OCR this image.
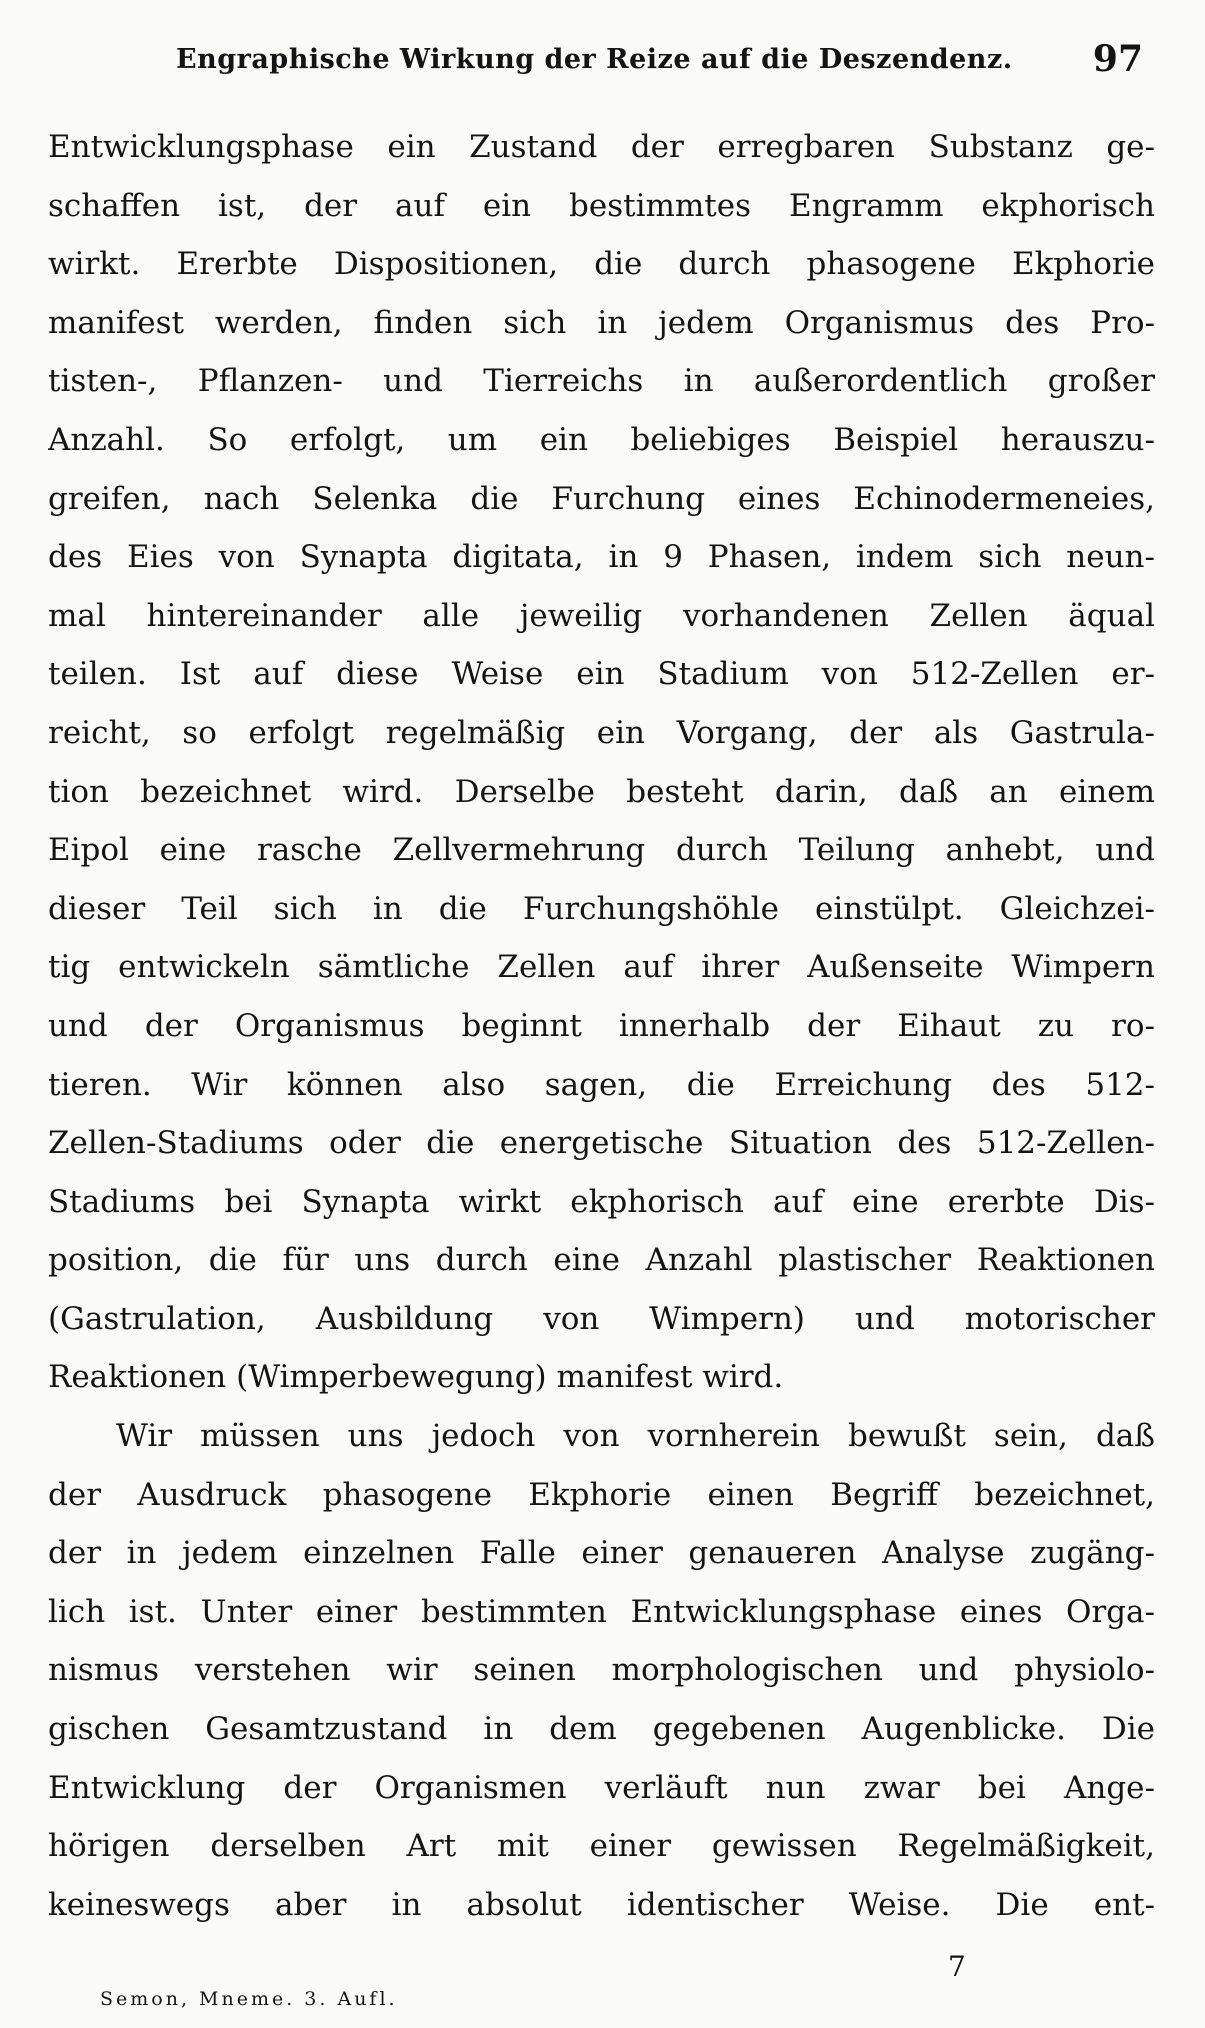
Engraphische Wirkung der Reize auf die Deszendenz. 97
Entwicklungsphase ein Zustand der erregbaren Substanz ge-
schaffen ist, der auf ein bestimmtes Engramm ekphorisch
wirkt. Ererbte Dispositionen, die durch phasogene Ekphorie
manifest werden, finden sich in jedem Organismus des Pro-
tisten-, Pflanzen- und Tierreichs in außerordentlich großer
Anzahl. So erfolgt, um ein beliebiges Beispiel herauszu-
greifen, nach Selenka die Furchung eines Echinodermeneies,
des Eies von Synapta digitata, in 9 Phasen, indem sich neun-
mal hintereinander alle jeweilig vorhandenen Zellen äqual
teilen. Ist auf diese Weise ein Stadium von 512-Zellen er-
reicht, so erfolgt regelmäßig ein Vorgang, der als Gastrula-
tion bezeichnet wird. Derselbe besteht darin, daß an einem
Eipol eine rasche Zellvermehrung durch Teilung anhebt, und
dieser Teil sich in die Furchungshöhle einstülpt. Gleichzei-
tig entwickeln sämtliche Zellen auf ihrer Außenseite Wimpern
und der Organismus beginnt innerhalb der Eihaut zu ro-
tieren. Wir können also sagen, die Erreichung des 512-
Zellen-Stadiums oder die energetische Situation des 512-Zellen-
Stadiums bei Synapta wirkt ekphorisch auf eine ererbte Dis-
position, die für uns durch eine Anzahl plastischer Reaktionen
(Gastrulation, Ausbildung von Wimpern) und motorischer
Reaktionen (Wimperbewegung) manifest wird.
Wir müssen uns jedoch von vornherein bewußt sein, daß
der Ausdruck phasogene Ekphorie einen Begriff bezeichnet,
der in jedem einzelnen Falle einer genaueren Analyse zugäng-
lich ist. Unter einer bestimmten Entwicklungsphase eines Orga-
nismus verstehen wir seinen morphologischen und physiolo-
gischen Gesamtzustand in dem gegebenen Augenblicke. Die
Entwicklung der Organismen verläuft nun zwar bei Ange-
hörigen derselben Art mit einer gewissen Regelmäßigkeit,
keineswegs aber in absolut identischer Weise. Die ent-
Semon, Mneme. 3. Aufl.
7
